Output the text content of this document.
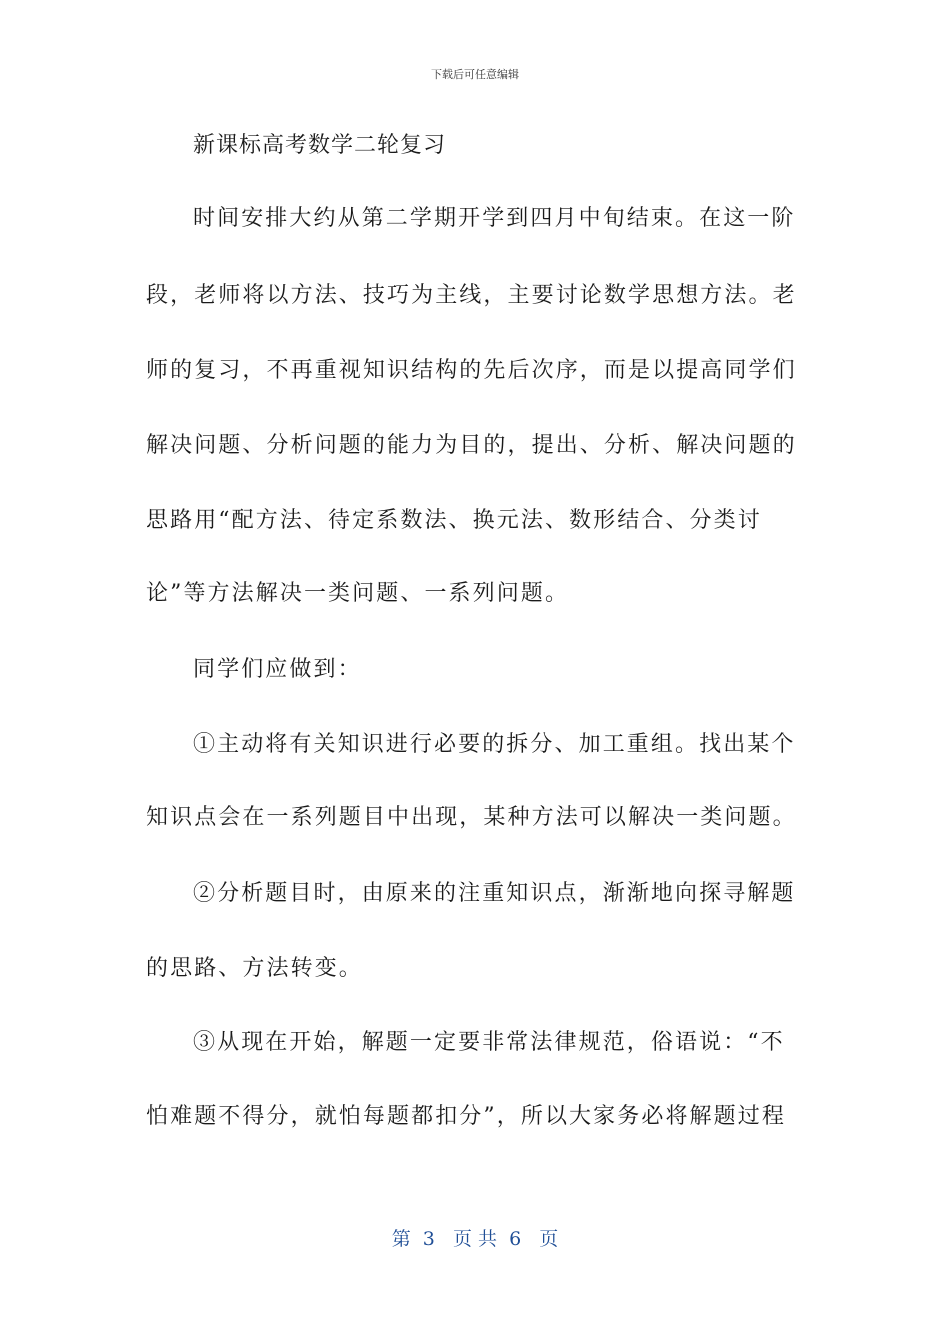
下载后可任意编辑
新课标高考数学二轮复习
时间安排大约从第二学期开学到四月中旬结束。在这一阶
段，老师将以方法、技巧为主线，主要讨论数学思想方法。老
师的复习，不再重视知识结构的先后次序，而是以提高同学们
解决问题、分析问题的能力为目的，提出、分析、解决问题的
思路用“配方法、待定系数法、换元法、数形结合、分类讨
论”等方法解决一类问题、一系列问题。
同学们应做到：
①主动将有关知识进行必要的拆分、加工重组。找出某个
知识点会在一系列题目中出现，某种方法可以解决一类问题。
②分析题目时，由原来的注重知识点，渐渐地向探寻解题
的思路、方法转变。
③从现在开始，解题一定要非常法律规范，俗语说：“不
怕难题不得分，就怕每题都扣分”，所以大家务必将解题过程
第  3   页 共  6   页
